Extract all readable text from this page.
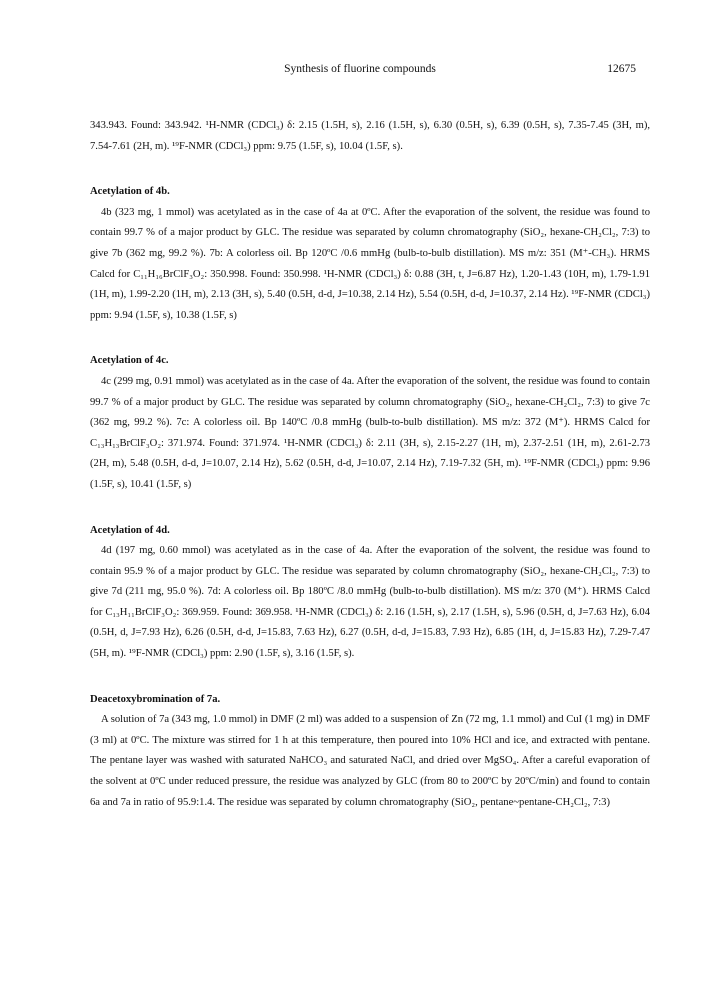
Synthesis of fluorine compounds	12675

343.943. Found: 343.942. ¹H-NMR (CDCl₃) δ: 2.15 (1.5H, s), 2.16 (1.5H, s), 6.30 (0.5H, s), 6.39 (0.5H, s), 7.35-7.45 (3H, m), 7.54-7.61 (2H, m). ¹⁹F-NMR (CDCl₃) ppm: 9.75 (1.5F, s), 10.04 (1.5F, s).

Acetylation of 4b.

4b (323 mg, 1 mmol) was acetylated as in the case of 4a at 0ºC. After the evaporation of the solvent, the residue was found to contain 99.7 % of a major product by GLC. The residue was separated by column chromatography (SiO₂, hexane-CH₂Cl₂, 7:3) to give 7b (362 mg, 99.2 %). 7b: A colorless oil. Bp 120ºC /0.6 mmHg (bulb-to-bulb distillation). MS m/z: 351 (M⁺-CH₃). HRMS Calcd for C₁₁H₁₆BrClF₃O₂: 350.998. Found: 350.998. ¹H-NMR (CDCl₃) δ: 0.88 (3H, t, J=6.87 Hz), 1.20-1.43 (10H, m), 1.79-1.91 (1H, m), 1.99-2.20 (1H, m), 2.13 (3H, s), 5.40 (0.5H, d-d, J=10.38, 2.14 Hz), 5.54 (0.5H, d-d, J=10.37, 2.14 Hz). ¹⁹F-NMR (CDCl₃) ppm: 9.94 (1.5F, s), 10.38 (1.5F, s)

Acetylation of 4c.

4c (299 mg, 0.91 mmol) was acetylated as in the case of 4a. After the evaporation of the solvent, the residue was found to contain 99.7 % of a major product by GLC. The residue was separated by column chromatography (SiO₂, hexane-CH₂Cl₂, 7:3) to give 7c (362 mg, 99.2 %). 7c: A colorless oil. Bp 140ºC /0.8 mmHg (bulb-to-bulb distillation). MS m/z: 372 (M⁺). HRMS Calcd for C₁₃H₁₃BrClF₃O₂: 371.974. Found: 371.974. ¹H-NMR (CDCl₃) δ: 2.11 (3H, s), 2.15-2.27 (1H, m), 2.37-2.51 (1H, m), 2.61-2.73 (2H, m), 5.48 (0.5H, d-d, J=10.07, 2.14 Hz), 5.62 (0.5H, d-d, J=10.07, 2.14 Hz), 7.19-7.32 (5H, m). ¹⁹F-NMR (CDCl₃) ppm: 9.96 (1.5F, s), 10.41 (1.5F, s)

Acetylation of 4d.

4d (197 mg, 0.60 mmol) was acetylated as in the case of 4a. After the evaporation of the solvent, the residue was found to contain 95.9 % of a major product by GLC. The residue was separated by column chromatography (SiO₂, hexane-CH₂Cl₂, 7:3) to give 7d (211 mg, 95.0 %). 7d: A colorless oil. Bp 180ºC /8.0 mmHg (bulb-to-bulb distillation). MS m/z: 370 (M⁺). HRMS Calcd for C₁₃H₁₁BrClF₃O₂: 369.959. Found: 369.958. ¹H-NMR (CDCl₃) δ: 2.16 (1.5H, s), 2.17 (1.5H, s), 5.96 (0.5H, d, J=7.63 Hz), 6.04 (0.5H, d, J=7.93 Hz), 6.26 (0.5H, d-d, J=15.83, 7.63 Hz), 6.27 (0.5H, d-d, J=15.83, 7.93 Hz), 6.85 (1H, d, J=15.83 Hz), 7.29-7.47 (5H, m). ¹⁹F-NMR (CDCl₃) ppm: 2.90 (1.5F, s), 3.16 (1.5F, s).

Deacetoxybromination of 7a.

A solution of 7a (343 mg, 1.0 mmol) in DMF (2 ml) was added to a suspension of Zn (72 mg, 1.1 mmol) and CuI (1 mg) in DMF (3 ml) at 0ºC. The mixture was stirred for 1 h at this temperature, then poured into 10% HCl and ice, and extracted with pentane. The pentane layer was washed with saturated NaHCO₃ and saturated NaCl, and dried over MgSO₄. After a careful evaporation of the solvent at 0ºC under reduced pressure, the residue was analyzed by GLC (from 80 to 200ºC by 20ºC/min) and found to contain 6a and 7a in ratio of 95.9:1.4. The residue was separated by column chromatography (SiO₂, pentane~pentane-CH₂Cl₂, 7:3)
